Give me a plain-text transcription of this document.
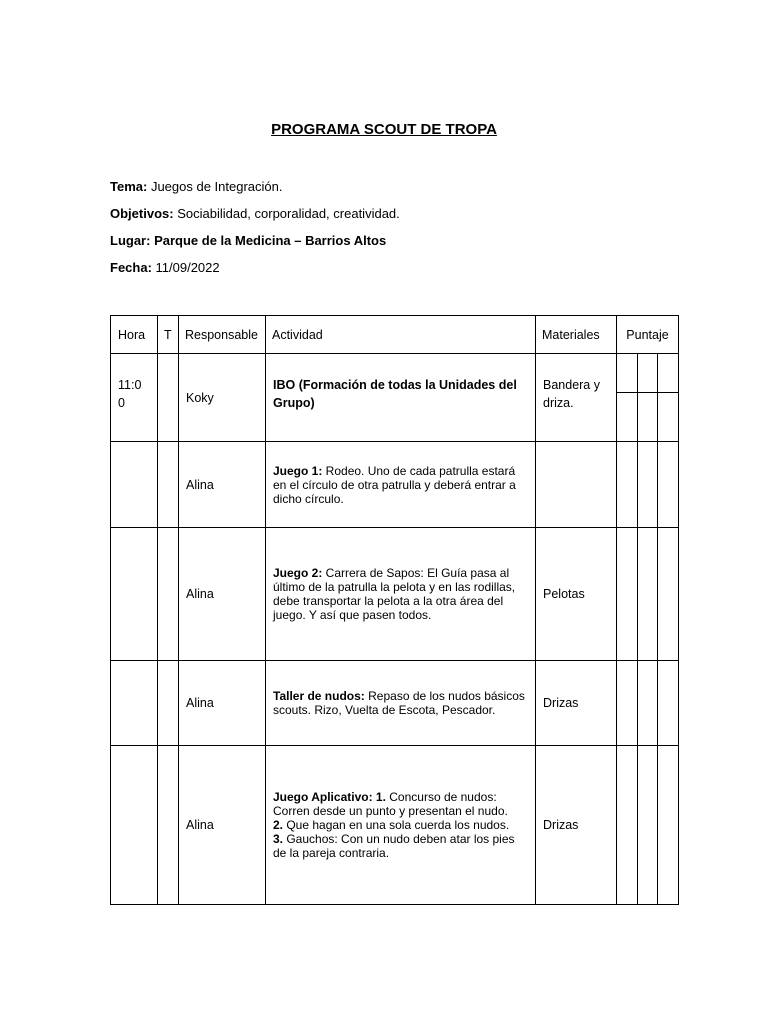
PROGRAMA SCOUT DE TROPA
Tema: Juegos de Integración.
Objetivos: Sociabilidad, corporalidad, creatividad.
Lugar: Parque de la Medicina – Barrios Altos
Fecha: 11/09/2022
Hora	T	Responsable	Actividad	Materiales	Puntaje		

11:0
0		Koky	IBO (Formación de todas la Unidades del Grupo)	Bandera y driza.	

		Alina	Juego 1: Rodeo. Uno de cada patrulla estará en el círculo de otra patrulla y deberá entrar a dicho círculo.				
		Alina	Juego 2: Carrera de Sapos: El Guía pasa al último de la patrulla la pelota y en las rodillas, debe transportar la pelota a la otra área del juego. Y así que pasen todos.	Pelotas			
		Alina	Taller de nudos: Repaso de los nudos básicos scouts. Rizo, Vuelta de Escota, Pescador.	Drizas			
		Alina	Juego Aplicativo: 1. Concurso de nudos: Corren desde un punto y presentan el nudo.
2. Que hagan en una sola cuerda los nudos.
3. Gauchos: Con un nudo deben atar los pies de la pareja contraria.	Drizas			
